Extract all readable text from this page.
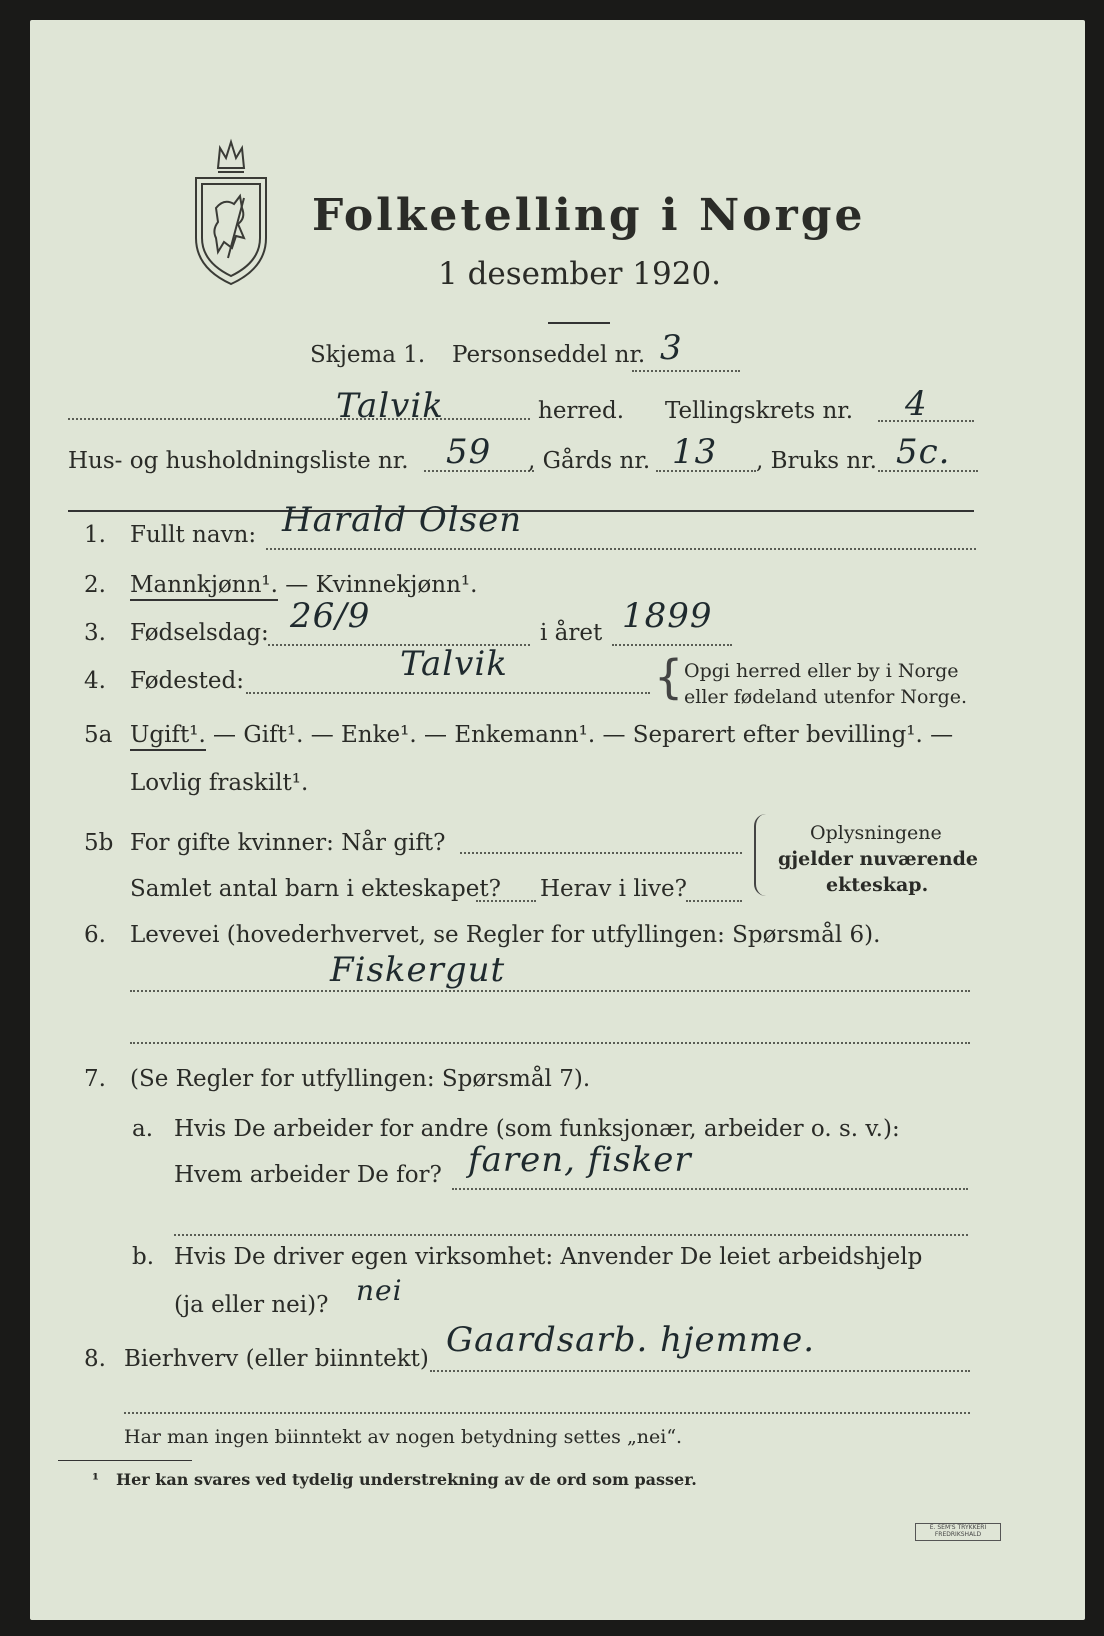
Folketelling i Norge
1 desember 1920.
Skjema 1. Personseddel nr. 3
Talvik	herred. Tellingskrets nr. 4
Hus- og husholdningsliste nr. 59 , Gårds nr. 13 , Bruks nr. 5c.
1. Fullt navn: Harald Olsen
2. Mannkjønn¹. — Kvinnekjønn¹.
3. Fødselsdag: 26/9	i året 1899
4. Fødested:	Talvik	{ Opgi herred eller by i Norge
eller fødeland utenfor Norge.
5a Ugift¹. — Gift¹. — Enke¹. — Enkemann¹. — Separert efter bevilling¹. —
Lovlig fraskilt¹.
5b For gifte kvinner: Når gift?
Samlet antal barn i ekteskapet? Herav i live?
Oplysningene
gjelder nuværende
ekteskap.
6. Levevei (hovederhvervet, se Regler for utfyllingen: Spørsmål 6).
Fiskergut
7. (Se Regler for utfyllingen: Spørsmål 7).
a. Hvis De arbeider for andre (som funksjonær, arbeider o. s. v.):
Hvem arbeider De for? faren, fisker
b. Hvis De driver egen virksomhet: Anvender De leiet arbeidshjelp
(ja eller nei)? nei
8. Bierhverv (eller biinntekt) Gaardsarb. hjemme.
Har man ingen biinntekt av nogen betydning settes „nei“.
¹ Her kan svares ved tydelig understrekning av de ord som passer.
E. SEM'S TRYKKERI
FREDRIKSHALD
